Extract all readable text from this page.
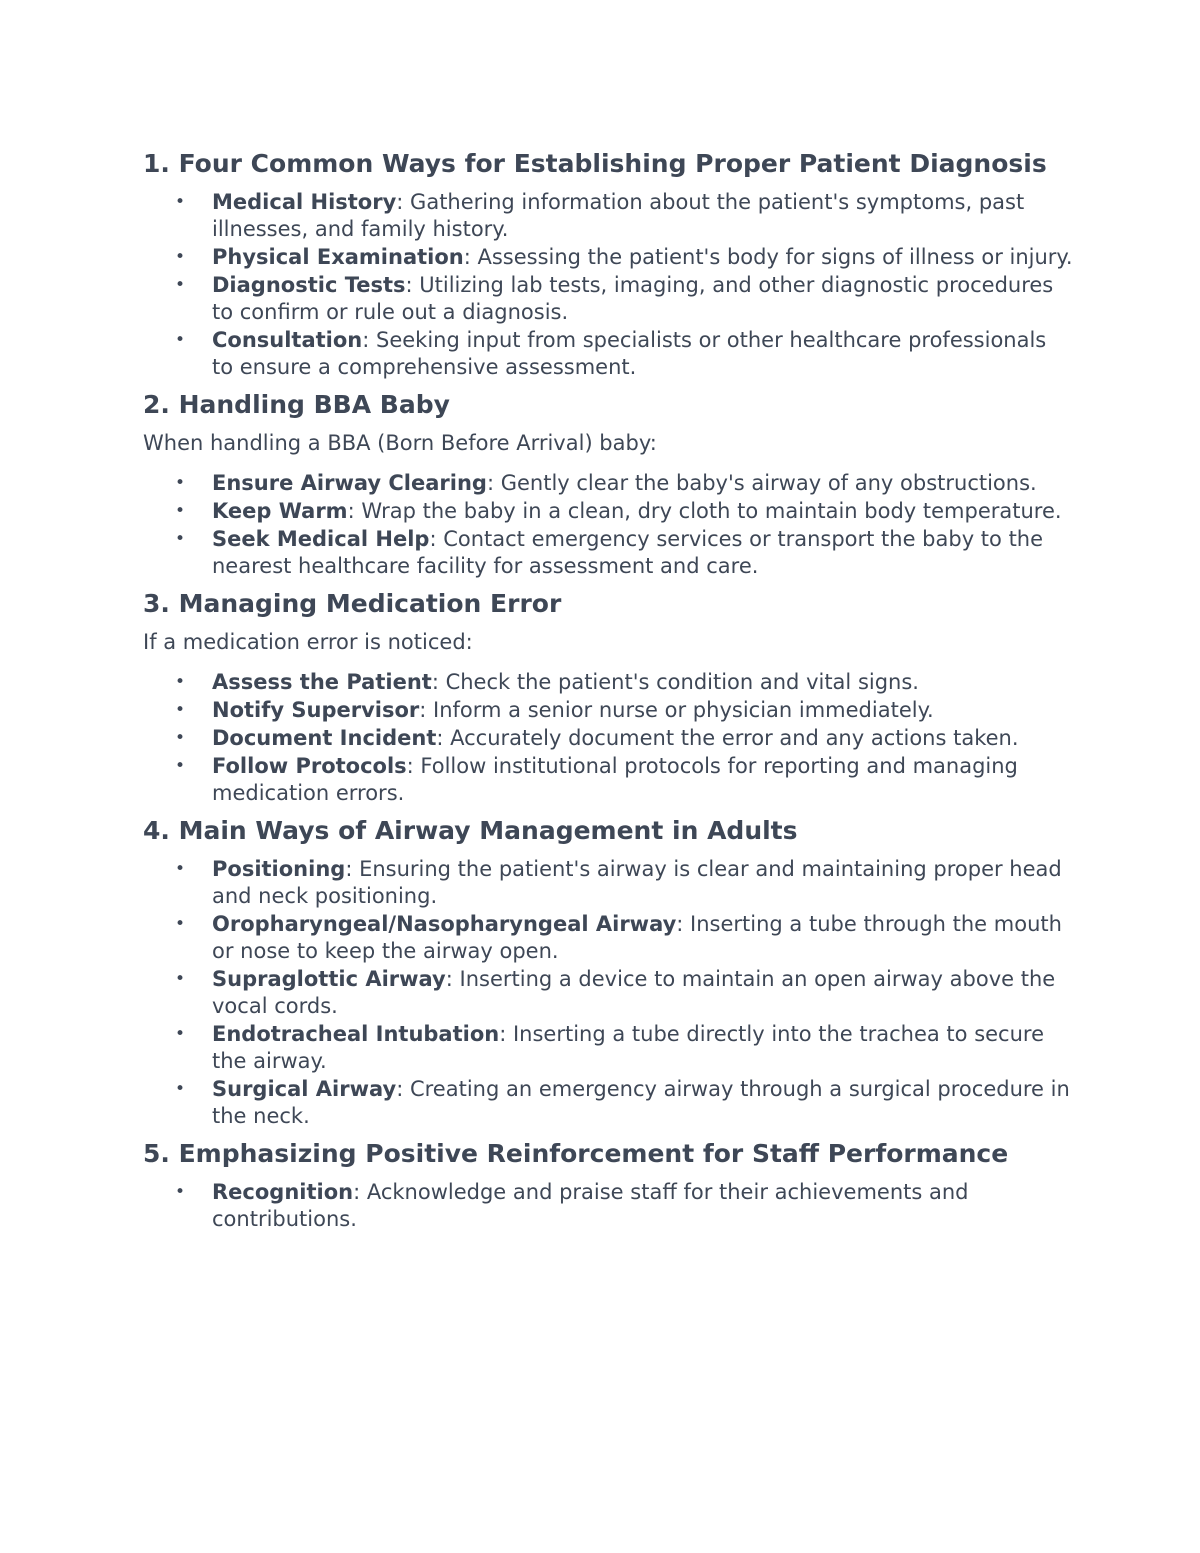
1. Four Common Ways for Establishing Proper Patient Diagnosis
• Medical History: Gathering information about the patient's symptoms, past illnesses, and family history.
• Physical Examination: Assessing the patient's body for signs of illness or injury.
• Diagnostic Tests: Utilizing lab tests, imaging, and other diagnostic procedures to confirm or rule out a diagnosis.
• Consultation: Seeking input from specialists or other healthcare professionals to ensure a comprehensive assessment.
2. Handling BBA Baby

When handling a BBA (Born Before Arrival) baby:

• Ensure Airway Clearing: Gently clear the baby's airway of any obstructions.
• Keep Warm: Wrap the baby in a clean, dry cloth to maintain body temperature.
• Seek Medical Help: Contact emergency services or transport the baby to the nearest healthcare facility for assessment and care.
3. Managing Medication Error

If a medication error is noticed:

• Assess the Patient: Check the patient's condition and vital signs.
• Notify Supervisor: Inform a senior nurse or physician immediately.
• Document Incident: Accurately document the error and any actions taken.
• Follow Protocols: Follow institutional protocols for reporting and managing medication errors.
4. Main Ways of Airway Management in Adults
• Positioning: Ensuring the patient's airway is clear and maintaining proper head and neck positioning.
• Oropharyngeal/Nasopharyngeal Airway: Inserting a tube through the mouth or nose to keep the airway open.
• Supraglottic Airway: Inserting a device to maintain an open airway above the vocal cords.
• Endotracheal Intubation: Inserting a tube directly into the trachea to secure the airway.
• Surgical Airway: Creating an emergency airway through a surgical procedure in the neck.
5. Emphasizing Positive Reinforcement for Staff Performance
• Recognition: Acknowledge and praise staff for their achievements and contributions.
